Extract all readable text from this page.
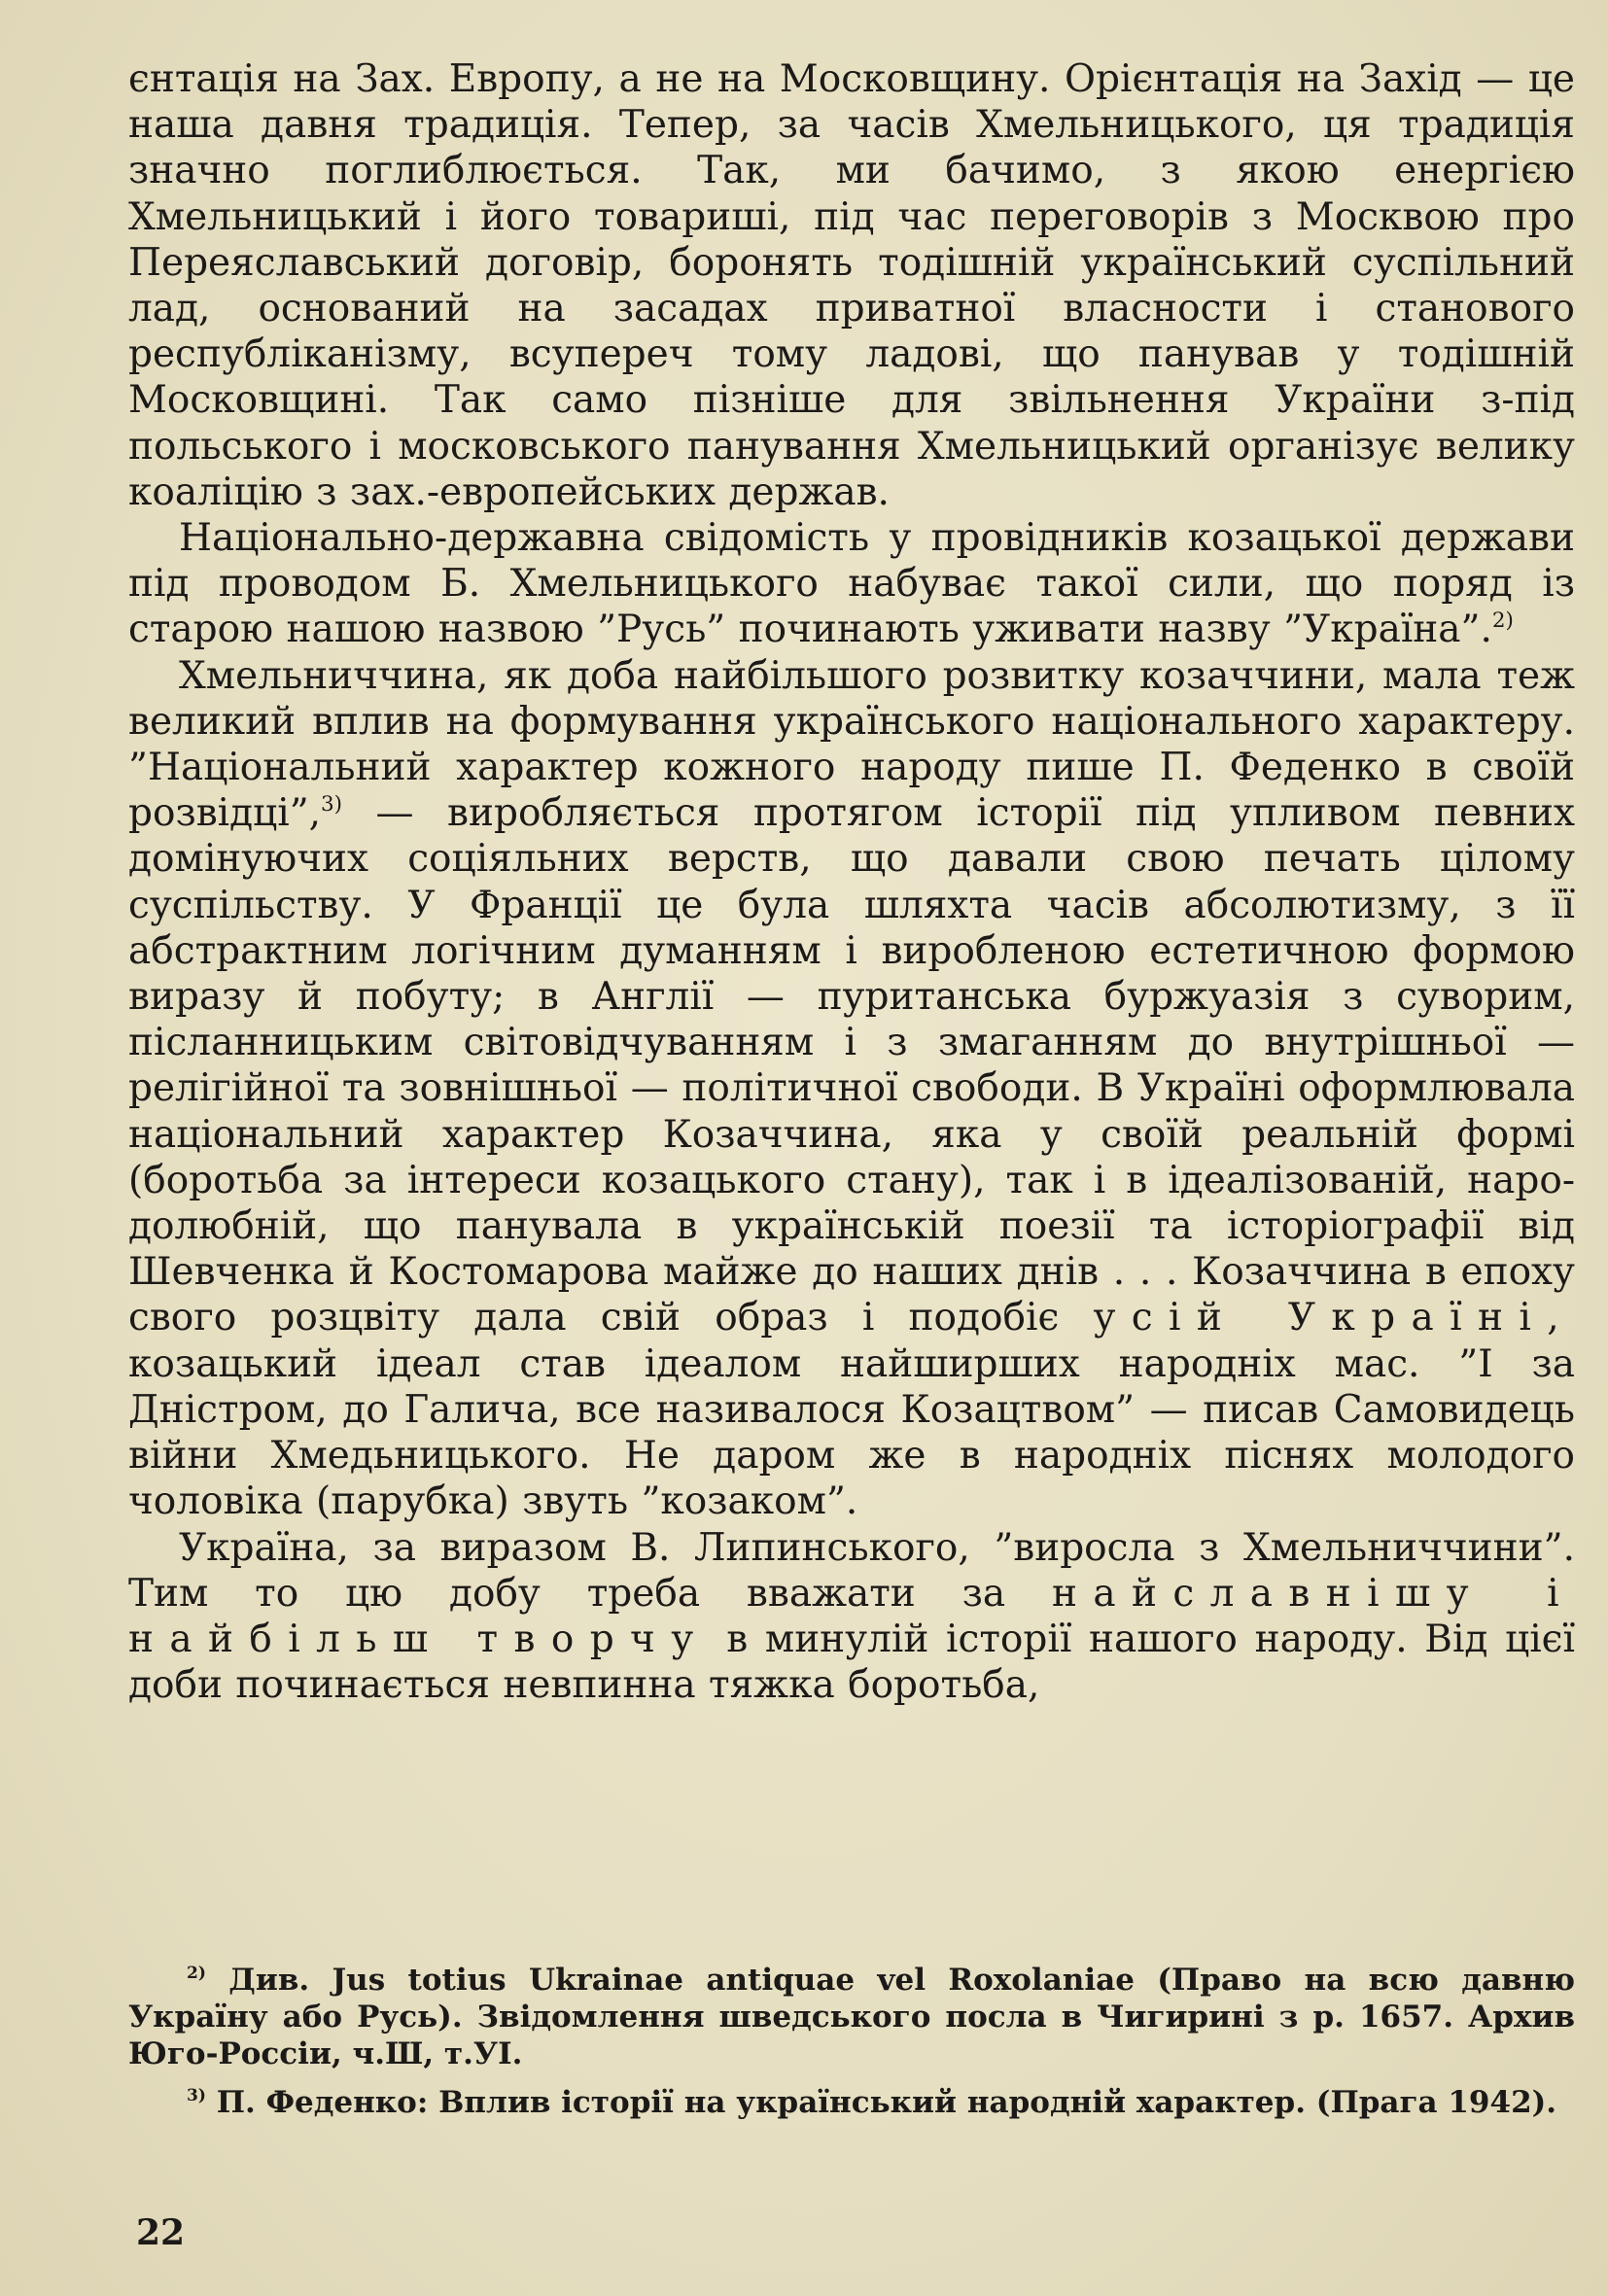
єнтація на Зах. Европу, а не на Московщину. Орієнтація на Захід — це наша давня традиція. Тепер, за часів Хмельницького, ця традиція значно поглиблюється. Так, ми бачимо, з якою енергією Хмельницький і його товариші, під час переговорів з Москвою про Переяславський договір, боронять тодішній український суспільний лад, оснований на засадах приватної власности і станового республіканізму, всупереч тому ладові, що панував у тодішній Московщині. Так само пізніше для звільнення України з-під польського і московського панування Хмельницький організує велику коаліцію з зах.-европейських держав.

Національно-державна свідомість у провідників козацької держави під проводом Б. Хмельницького набуває такої сили, що поряд із старою нашою назвою ”Русь” починають уживати назву ”Україна”.$^{2)}$

Хмельниччина, як доба найбільшого розвитку козаччини, мала теж великий вплив на формування українського національного характеру. ”Національний характер кожного народу пише П. Феденко в своїй розвідці”,$^{3)}$ — виробляється протягом історії під упливом певних домінуючих соціяльних верств, що давали свою печать цілому суспільству. У Франції це була шляхта часів абсолютизму, з її абстрактним логічним думанням і виробленою естетичною формою виразу й побуту; в Англії — пуританська буржуазія з суворим, післанницьким світовідчуванням і з змаганням до внутрішньої — релігійної та зовнішньої — політичної свободи. В Україні оформлювала національний характер Козаччина, яка у своїй реальній формі (боротьба за інтереси козацького стану), так і в ідеалізованій, народолюбній, що панувала в українській поезії та історіографії від Шевченка й Костомарова майже до наших днів . . . Козаччина в епоху свого розцвіту дала свій образ і подобіє усій Україні, козацький ідеал став ідеалом найширших народніх мас. ”І за Дністром, до Галича, все називалося Козацтвом” — писав Самовидець війни Хмедьницького. Не даром же в народніх піснях молодого чоловіка (парубка) звуть ”козаком”.

Україна, за виразом В. Липинського, ”виросла з Хмельниччини”. Тим то цю добу треба вважати за найславнішу і найбільш творчу в минулій історії нашого народу. Від цієї доби починається невпинна тяжка боротьба,

$^{2)}$ Див. Jus totius Ukrainae antiquae vel Roxolaniae (Право на всю давню Україну або Русь). Звідомлення шведського посла в Чигирині з р. 1657. Архив Юго-Россіи, ч.Ш, т.УІ.

$^{3)}$ П. Феденко: Вплив історії на український народній характер. (Прага 1942).

22
